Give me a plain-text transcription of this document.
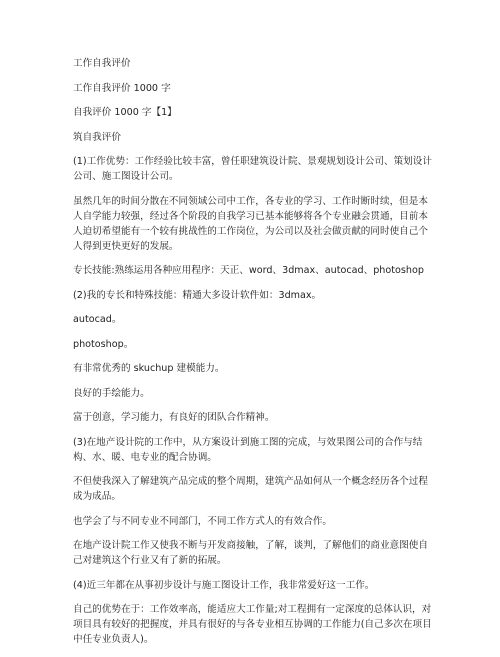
工作自我评价

工作自我评价 1000 字

自我评价 1000 字【1】

筑自我评价

(1)工作优势：工作经验比较丰富，曾任职建筑设计院、景观规划设计公司、策划设计公司、施工图设计公司。

虽然几年的时间分散在不同领域公司中工作，各专业的学习、工作时断时续，但是本人自学能力较强，经过各个阶段的自我学习已基本能够将各个专业融会贯通，目前本人迫切希望能有一个较有挑战性的工作岗位，为公司以及社会做贡献的同时使自己个人得到更快更好的发展。

专长技能:熟练运用各种应用程序：天正、word、3dmax、autocad、photoshop

(2)我的专长和特殊技能：精通大多设计软件如：3dmax。

autocad。

photoshop。

有非常优秀的 skuchup 建模能力。

良好的手绘能力。

富于创意，学习能力，有良好的团队合作精神。

(3)在地产设计院的工作中，从方案设计到施工图的完成，与效果图公司的合作与结构、水、暖、电专业的配合协调。

不但使我深入了解建筑产品完成的整个周期，建筑产品如何从一个概念经历各个过程成为成品。

也学会了与不同专业不同部门，不同工作方式人的有效合作。

在地产设计院工作又使我不断与开发商接触，了解，谈判，了解他们的商业意图使自己对建筑这个行业又有了新的拓展。

(4)近三年都在从事初步设计与施工图设计工作，我非常爱好这一工作。

自己的优势在于：工作效率高，能适应大工作量;对工程拥有一定深度的总体认识，对项目具有较好的把握度，并具有很好的与各专业相互协调的工作能力(自己多次在项目中任专业负责人)。
